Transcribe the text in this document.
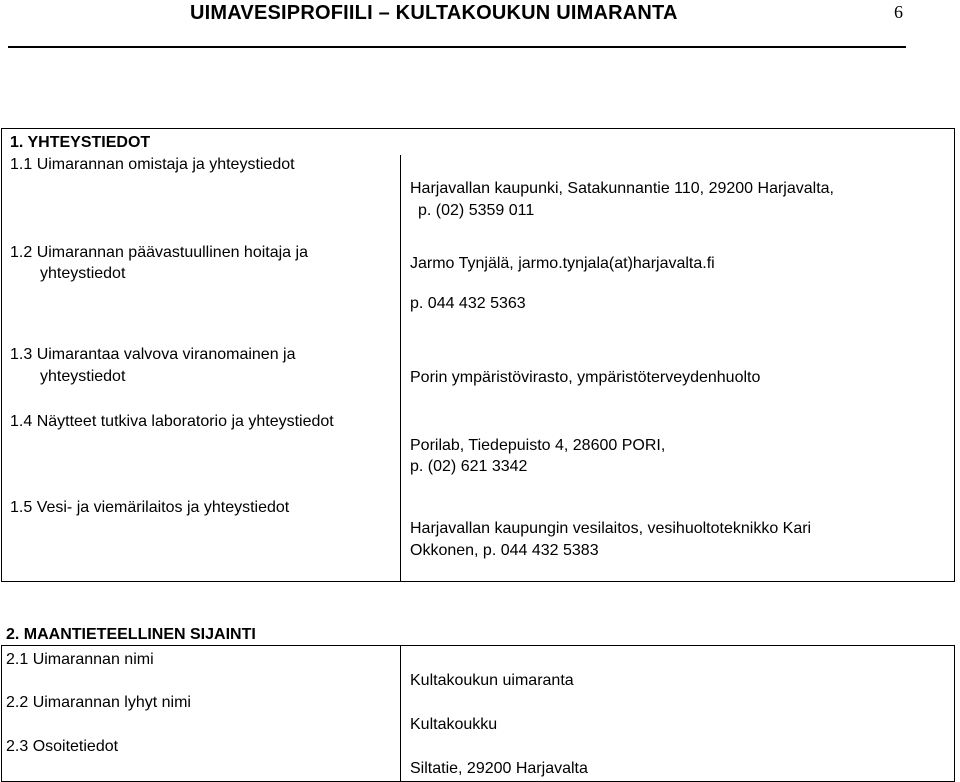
UIMAVESIPROFIILI – KULTAKOUKUN UIMARANTA	6
1. YHTEYSTIEDOT
1.1 Uimarannan omistaja ja yhteystiedot
Harjavallan kaupunki, Satakunnantie 110, 29200 Harjavalta,
p. (02) 5359 011
1.2 Uimarannan päävastuullinen hoitaja ja
yhteystiedot
Jarmo Tynjälä, jarmo.tynjala(at)harjavalta.fi
p. 044 432 5363
1.3 Uimarantaa valvova viranomainen ja
yhteystiedot	Porin ympäristövirasto, ympäristöterveydenhuolto
1.4 Näytteet tutkiva laboratorio ja yhteystiedot
Porilab, Tiedepuisto 4, 28600 PORI,
p. (02) 621 3342
1.5 Vesi- ja viemärilaitos ja yhteystiedot
Harjavallan kaupungin vesilaitos, vesihuoltoteknikko Kari
Okkonen, p. 044 432 5383
2. MAANTIETEELLINEN SIJAINTI
2.1 Uimarannan nimi
Kultakoukun uimaranta
2.2 Uimarannan lyhyt nimi
Kultakoukku
2.3 Osoitetiedot
Siltatie, 29200 Harjavalta
